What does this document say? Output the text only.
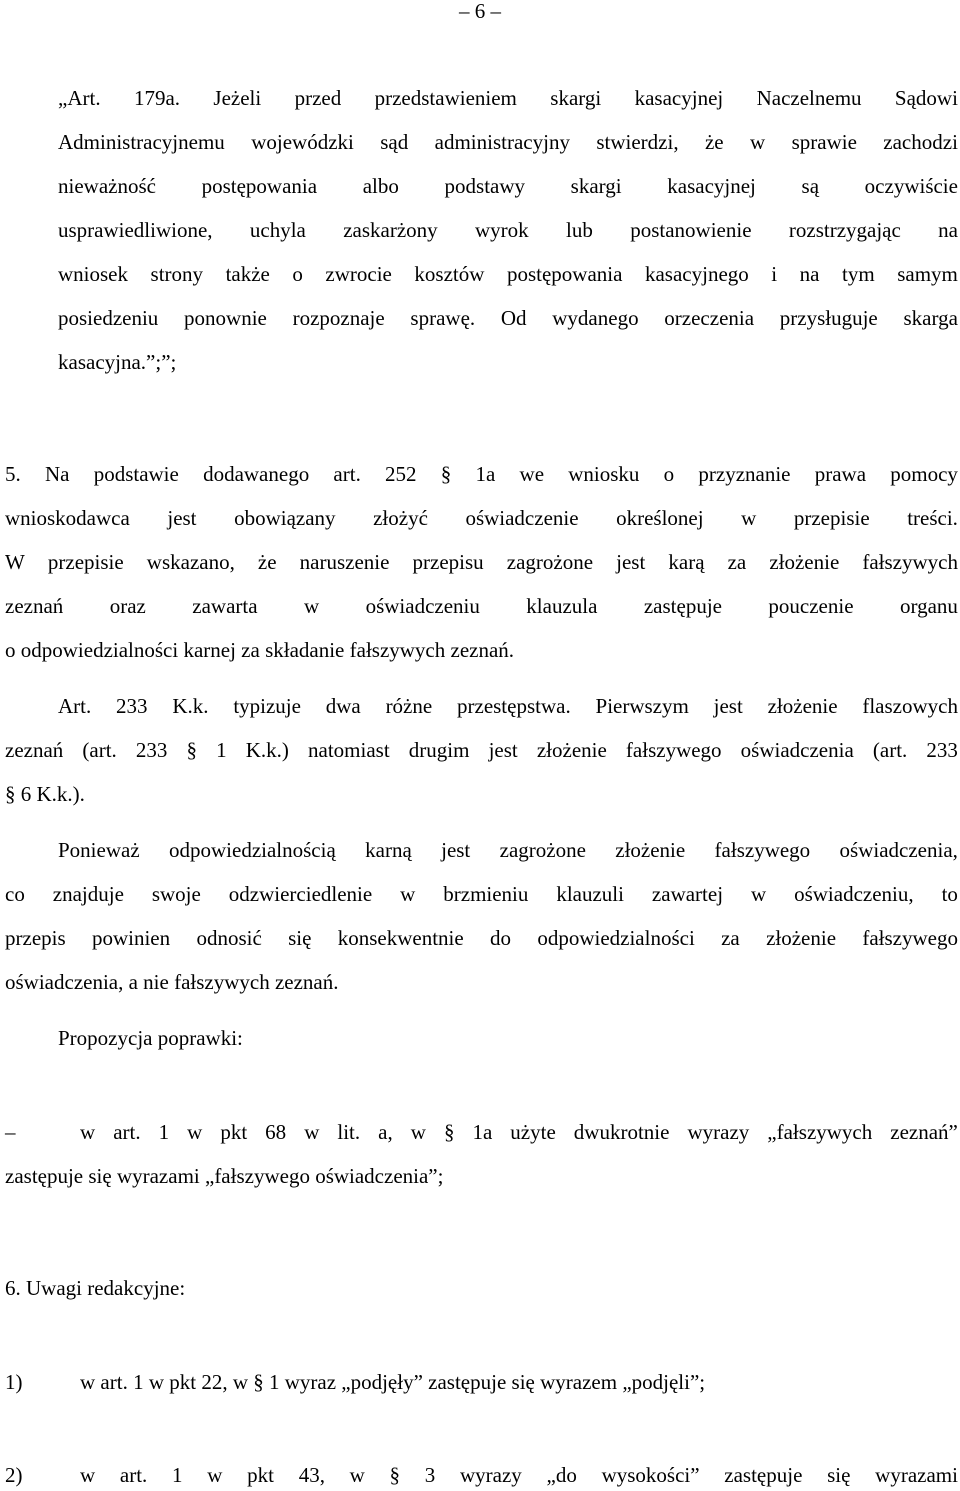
– 6 –
„Art. 179a. Jeżeli przed przedstawieniem skargi kasacyjnej Naczelnemu Sądowi
Administracyjnemu wojewódzki sąd administracyjny stwierdzi, że w sprawie zachodzi
nieważność postępowania albo podstawy skargi kasacyjnej są oczywiście
usprawiedliwione, uchyla zaskarżony wyrok lub postanowienie rozstrzygając na
wniosek strony także o zwrocie kosztów postępowania kasacyjnego i na tym samym
posiedzeniu ponownie rozpoznaje sprawę. Od wydanego orzeczenia przysługuje skarga
kasacyjna.”;”;
5. Na podstawie dodawanego art. 252 § 1a we wniosku o przyznanie prawa pomocy
wnioskodawca jest obowiązany złożyć oświadczenie określonej w przepisie treści.
W przepisie wskazano, że naruszenie przepisu zagrożone jest karą za złożenie fałszywych
zeznań oraz zawarta w oświadczeniu klauzula zastępuje pouczenie organu
o odpowiedzialności karnej za składanie fałszywych zeznań.
Art. 233 K.k. typizuje dwa różne przestępstwa. Pierwszym jest złożenie flaszowych
zeznań (art. 233 § 1 K.k.) natomiast drugim jest złożenie fałszywego oświadczenia (art. 233
§ 6 K.k.).
Ponieważ odpowiedzialnością karną jest zagrożone złożenie fałszywego oświadczenia,
co znajduje swoje odzwierciedlenie w brzmieniu klauzuli zawartej w oświadczeniu, to
przepis powinien odnosić się konsekwentnie do odpowiedzialności za złożenie fałszywego
oświadczenia, a nie fałszywych zeznań.
Propozycja poprawki:
–	w art. 1 w pkt 68 w lit. a, w § 1a użyte dwukrotnie wyrazy „fałszywych zeznań”
zastępuje się wyrazami „fałszywego oświadczenia”;
6. Uwagi redakcyjne:
1)	w art. 1 w pkt 22, w § 1 wyraz „podjęły” zastępuje się wyrazem „podjęli”;
2)	w art. 1 w pkt 43, w § 3 wyrazy „do wysokości” zastępuje się wyrazami
